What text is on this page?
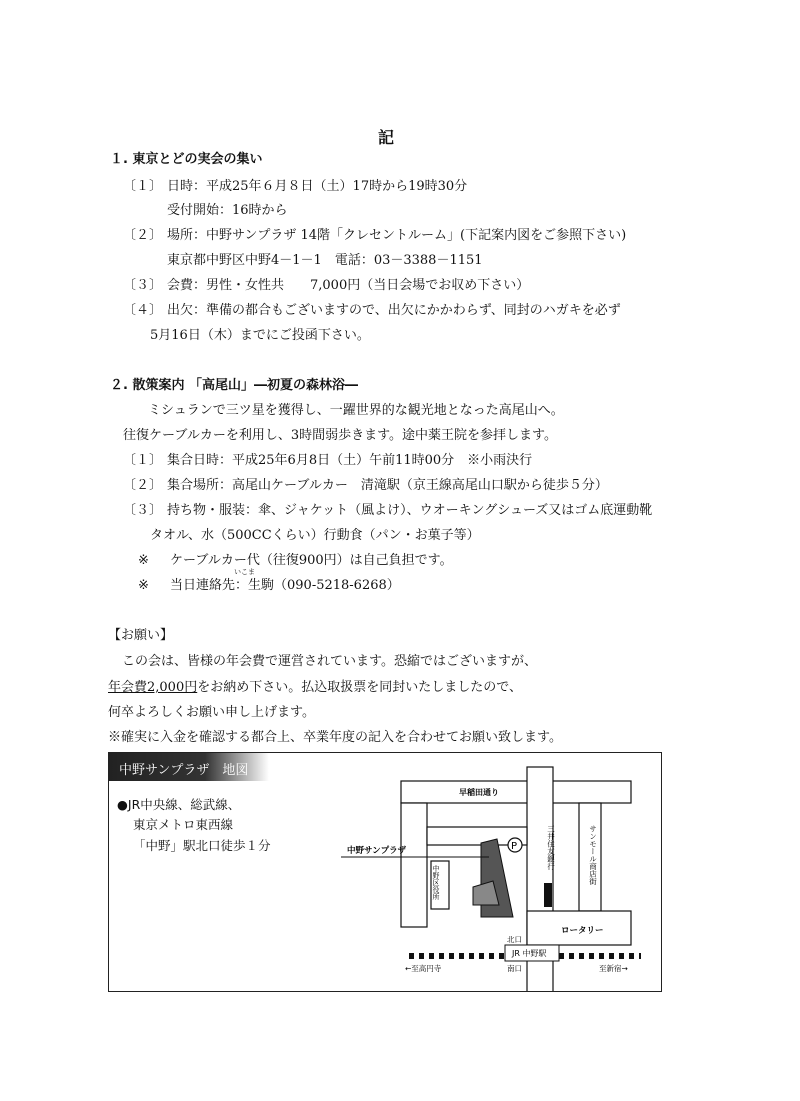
記
１. 東京とどの実会の集い
〔１〕 日時：平成25年６月８日（土）17時から19時30分
受付開始：16時から
〔２〕 場所：中野サンプラザ 14階「クレセントルーム」(下記案内図をご参照下さい)
東京都中野区中野4－1－1　電話：03－3388－1151
〔３〕 会費：男性・女性共　　7,000円（当日会場でお収め下さい）
〔４〕 出欠：準備の都合もございますので、出欠にかかわらず、同封のハガキを必ず
5月16日（木）までにご投函下さい。
２. 散策案内 「高尾山」―初夏の森林浴―
ミシュランで三ツ星を獲得し、一躍世界的な観光地となった高尾山へ。
往復ケーブルカーを利用し、3時間弱歩きます。途中薬王院を参拝します。
〔１〕 集合日時：平成25年6月8日（土）午前11時00分　※小雨決行
〔２〕 集合場所：高尾山ケーブルカー　清滝駅（京王線高尾山口駅から徒歩５分）
〔３〕 持ち物・服装：傘、ジャケット（風よけ）、ウオーキングシューズ又はゴム底運動靴
タオル、水（500CCくらい）行動食（パン・お菓子等）
※ ケーブルカー代（往復900円）は自己負担です。
いこま
※ 当日連絡先：生駒（090-5218-6268）
【お願い】
この会は、皆様の年会費で運営されています。恐縮ではございますが、
年会費2,000円をお納め下さい。払込取扱票を同封いたしましたので、
何卒よろしくお願い申し上げます。
※確実に入金を確認する都合上、卒業年度の記入を合わせてお願い致します。
中野サンプラザ　地図
●JR中央線、総武線、
東京メトロ東西線
「中野」駅北口徒歩１分	P
早稲田通り
中野サンプラザ
中野区役所
三井住友銀行	サンモール商店街
ロータリー
北口
JR 中野駅
南口
←至高円寺	至新宿→
